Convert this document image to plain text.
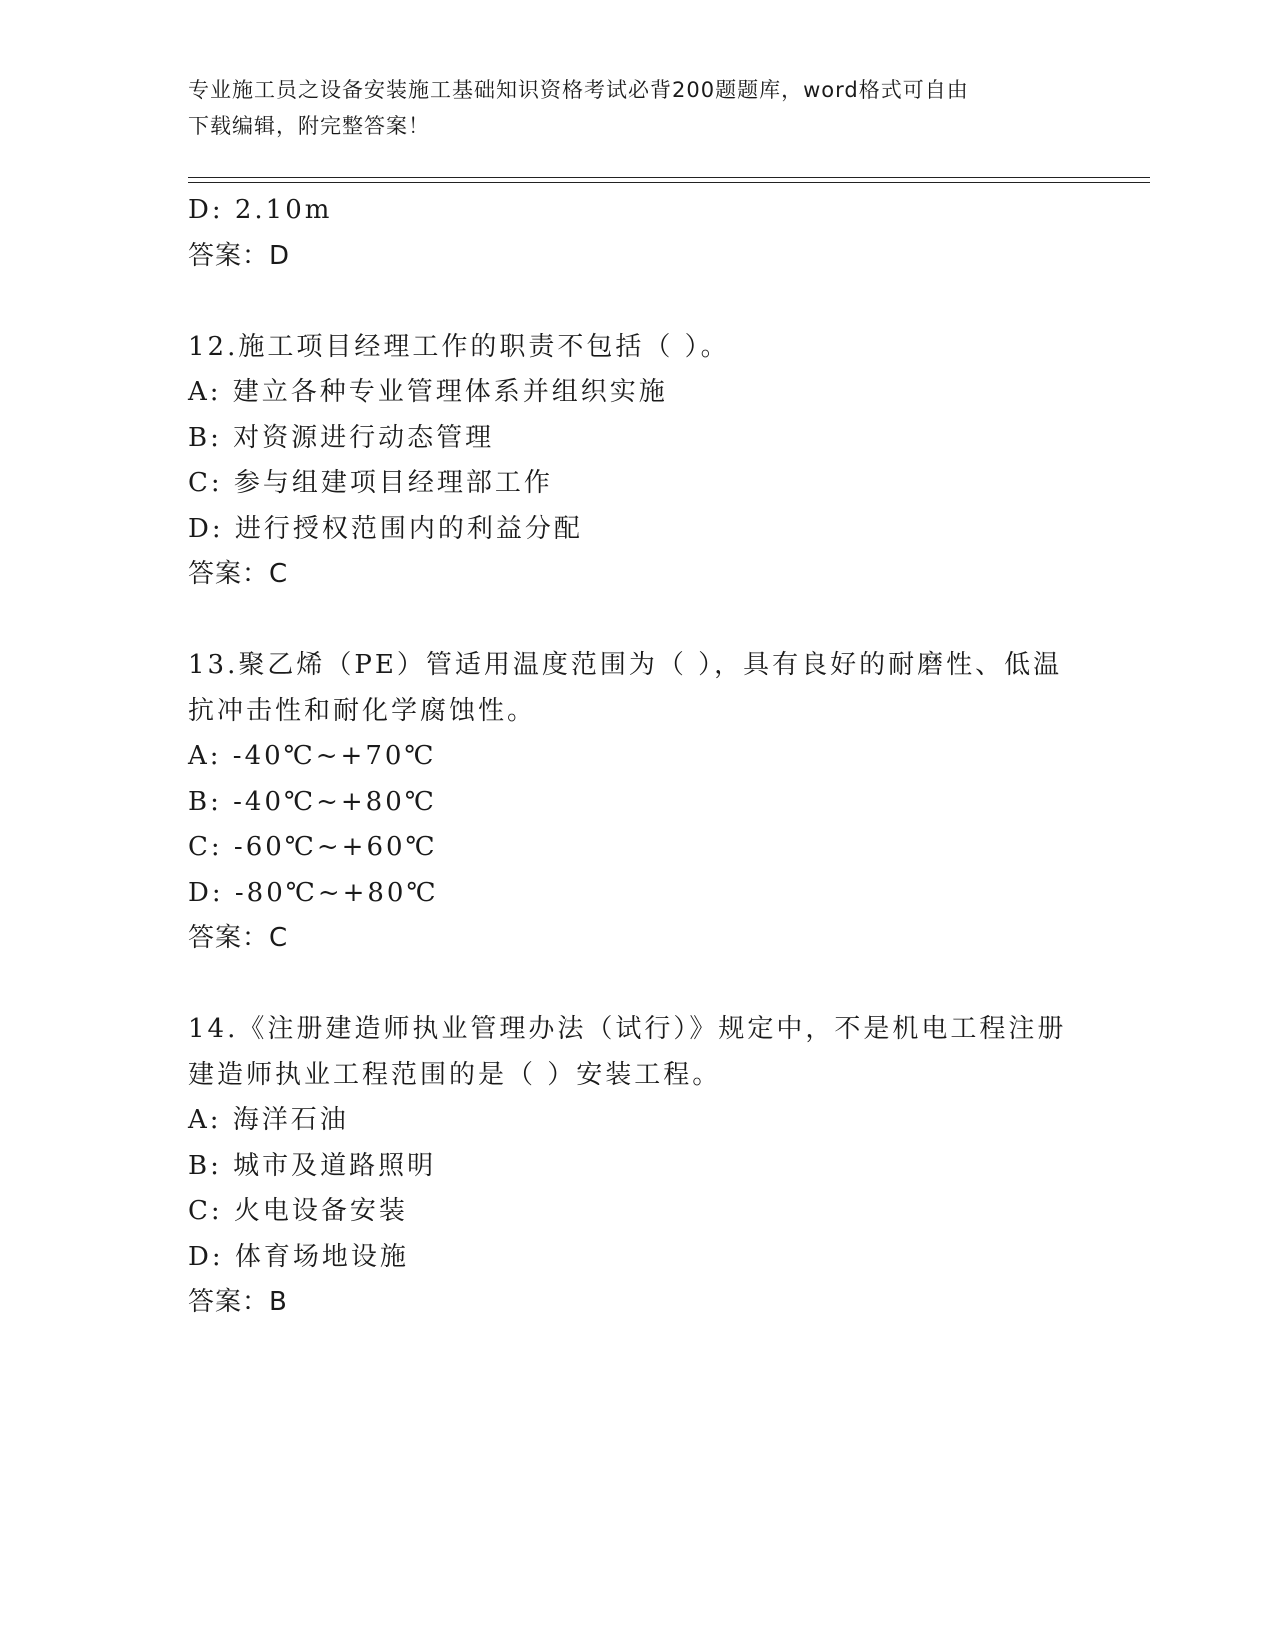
专业施工员之设备安装施工基础知识资格考试必背200题题库，word格式可自由
下载编辑，附完整答案！
D: 2.10m
答案：D
12.施工项目经理工作的职责不包括（ ）。
A: 建立各种专业管理体系并组织实施
B: 对资源进行动态管理
C: 参与组建项目经理部工作
D: 进行授权范围内的利益分配
答案：C
13.聚乙烯（PE）管适用温度范围为（ ），具有良好的耐磨性、低温
抗冲击性和耐化学腐蚀性。
A: -40℃~+70℃
B: -40℃~+80℃
C: -60℃~+60℃
D: -80℃~+80℃
答案：C
14.《注册建造师执业管理办法（试行）》规定中，不是机电工程注册
建造师执业工程范围的是（ ）安装工程。
A: 海洋石油
B: 城市及道路照明
C: 火电设备安装
D: 体育场地设施
答案：B
